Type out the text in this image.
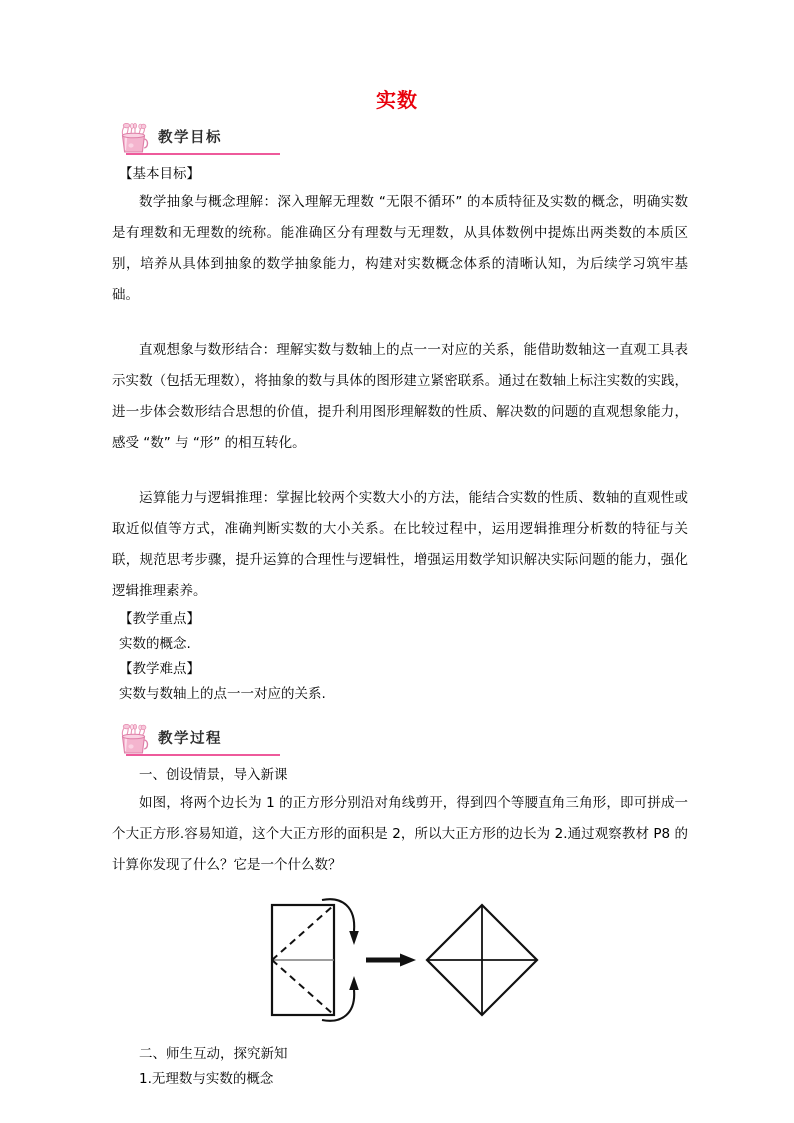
实数
教学目标

【基本目标】

数学抽象与概念理解：深入理解无理数 “无限不循环” 的本质特征及实数的概念，明确实数是有理数和无理数的统称。能准确区分有理数与无理数，从具体数例中提炼出两类数的本质区别，培养从具体到抽象的数学抽象能力，构建对实数概念体系的清晰认知，为后续学习筑牢基础。

直观想象与数形结合：理解实数与数轴上的点一一对应的关系，能借助数轴这一直观工具表示实数（包括无理数），将抽象的数与具体的图形建立紧密联系。通过在数轴上标注实数的实践，进一步体会数形结合思想的价值，提升利用图形理解数的性质、解决数的问题的直观想象能力，感受 “数” 与 “形” 的相互转化。

运算能力与逻辑推理：掌握比较两个实数大小的方法，能结合实数的性质、数轴的直观性或取近似值等方式，准确判断实数的大小关系。在比较过程中，运用逻辑推理分析数的特征与关联，规范思考步骤，提升运算的合理性与逻辑性，增强运用数学知识解决实际问题的能力，强化逻辑推理素养。

【教学重点】

实数的概念.

【教学难点】

实数与数轴上的点一一对应的关系.

教学过程

一、创设情景，导入新课

如图，将两个边长为 1 的正方形分别沿对角线剪开，得到四个等腰直角三角形，即可拼成一个大正方形.容易知道，这个大正方形的面积是 2，所以大正方形的边长为 2.通过观察教材 P8 的计算你发现了什么？它是一个什么数？

二、师生互动，探究新知

1.无理数与实数的概念
